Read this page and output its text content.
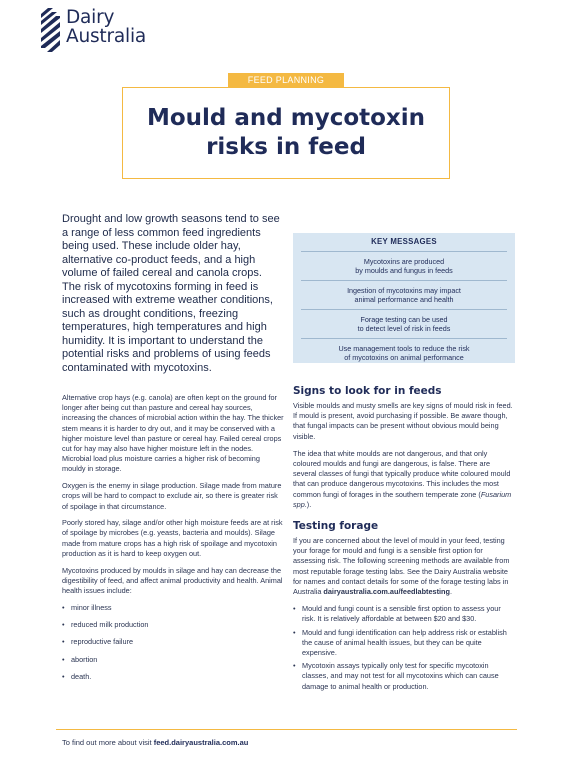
Dairy
Australia
FEED PLANNING
Mould and mycotoxin
risks in feed
Drought and low growth seasons tend to see a range of less common feed ingredients being used. These include older hay, alternative co-product feeds, and a high volume of failed cereal and canola crops. The risk of mycotoxins forming in feed is increased with extreme weather conditions, such as drought conditions, freezing temperatures, high temperatures and high humidity. It is important to understand the potential risks and problems of using feeds contaminated with mycotoxins.

Alternative crop hays (e.g. canola) are often kept on the ground for longer after being cut than pasture and cereal hay sources, increasing the chances of microbial action within the hay. The thicker stem means it is harder to dry out, and it may be conserved with a higher moisture level than pasture or cereal hay. Failed cereal crops cut for hay may also have higher moisture left in the nodes. Microbial load plus moisture carries a higher risk of becoming mouldy in storage.

Oxygen is the enemy in silage production. Silage made from mature crops will be hard to compact to exclude air, so there is greater risk of spoilage in that circumstance.

Poorly stored hay, silage and/or other high moisture feeds are at risk of spoilage by microbes (e.g. yeasts, bacteria and moulds). Silage made from mature crops has a high risk of spoilage and mycotoxin production as it is hard to keep oxygen out.

Mycotoxins produced by moulds in silage and hay can decrease the digestibility of feed, and affect animal productivity and health. Animal health issues include:

• minor illness
• reduced milk production
• reproductive failure
• abortion
• death.
KEY MESSAGES
Mycotoxins are produced
by moulds and fungus in feeds
Ingestion of mycotoxins may impact
animal performance and health
Forage testing can be used
to detect level of risk in feeds
Use management tools to reduce the risk
of mycotoxins on animal performance
Signs to look for in feeds

Visible moulds and musty smells are key signs of mould risk in feed. If mould is present, avoid purchasing if possible. Be aware though, that fungal impacts can be present without obvious mould being visible.

The idea that white moulds are not dangerous, and that only coloured moulds and fungi are dangerous, is false. There are several classes of fungi that typically produce white coloured mould that can produce dangerous mycotoxins. This includes the most common fungi of forages in the southern temperate zone (Fusarium spp.).

Testing forage

If you are concerned about the level of mould in your feed, testing your forage for mould and fungi is a sensible first option for assessing risk. The following screening methods are available from most reputable forage testing labs. See the Dairy Australia website for names and contact details for some of the forage testing labs in Australia dairyaustralia.com.au/feedlabtesting.

• Mould and fungi count is a sensible first option to assess your risk. It is relatively affordable at between $20 and $30.
• Mould and fungi identification can help address risk or establish the cause of animal health issues, but they can be quite expensive.
• Mycotoxin assays typically only test for specific mycotoxin classes, and may not test for all mycotoxins which can cause damage to animal health or production.
To find out more about visit feed.dairyaustralia.com.au
